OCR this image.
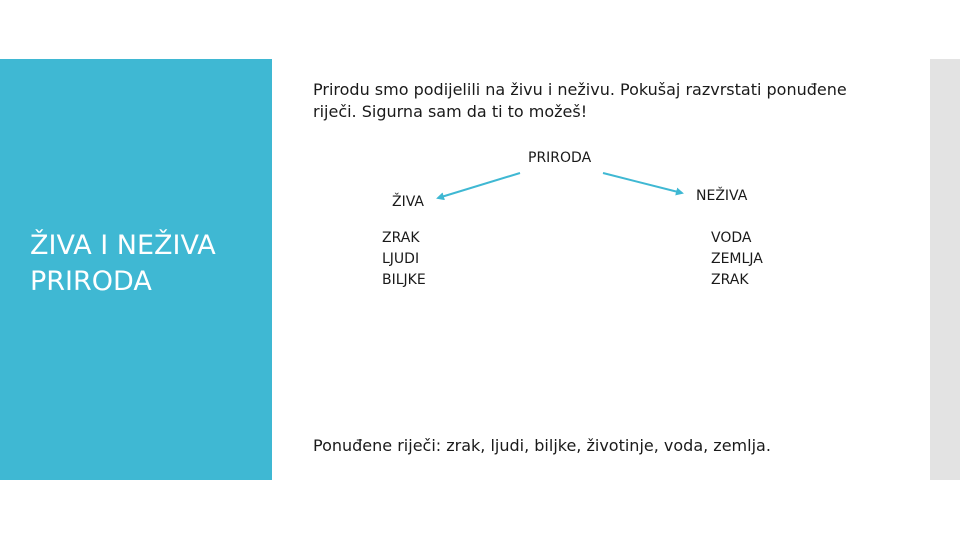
ŽIVA I NEŽIVA
PRIRODA

Prirodu smo podijelili na živu i neživu. Pokušaj razvrstati ponuđene riječi. Sigurna sam da ti to možeš!

PRIRODA
ŽIVA	NEŽIVA
ZRAK
LJUDI
BILJKE
VODA
ZEMLJA
ZRAK

Ponuđene riječi: zrak, ljudi, biljke, životinje, voda, zemlja.
